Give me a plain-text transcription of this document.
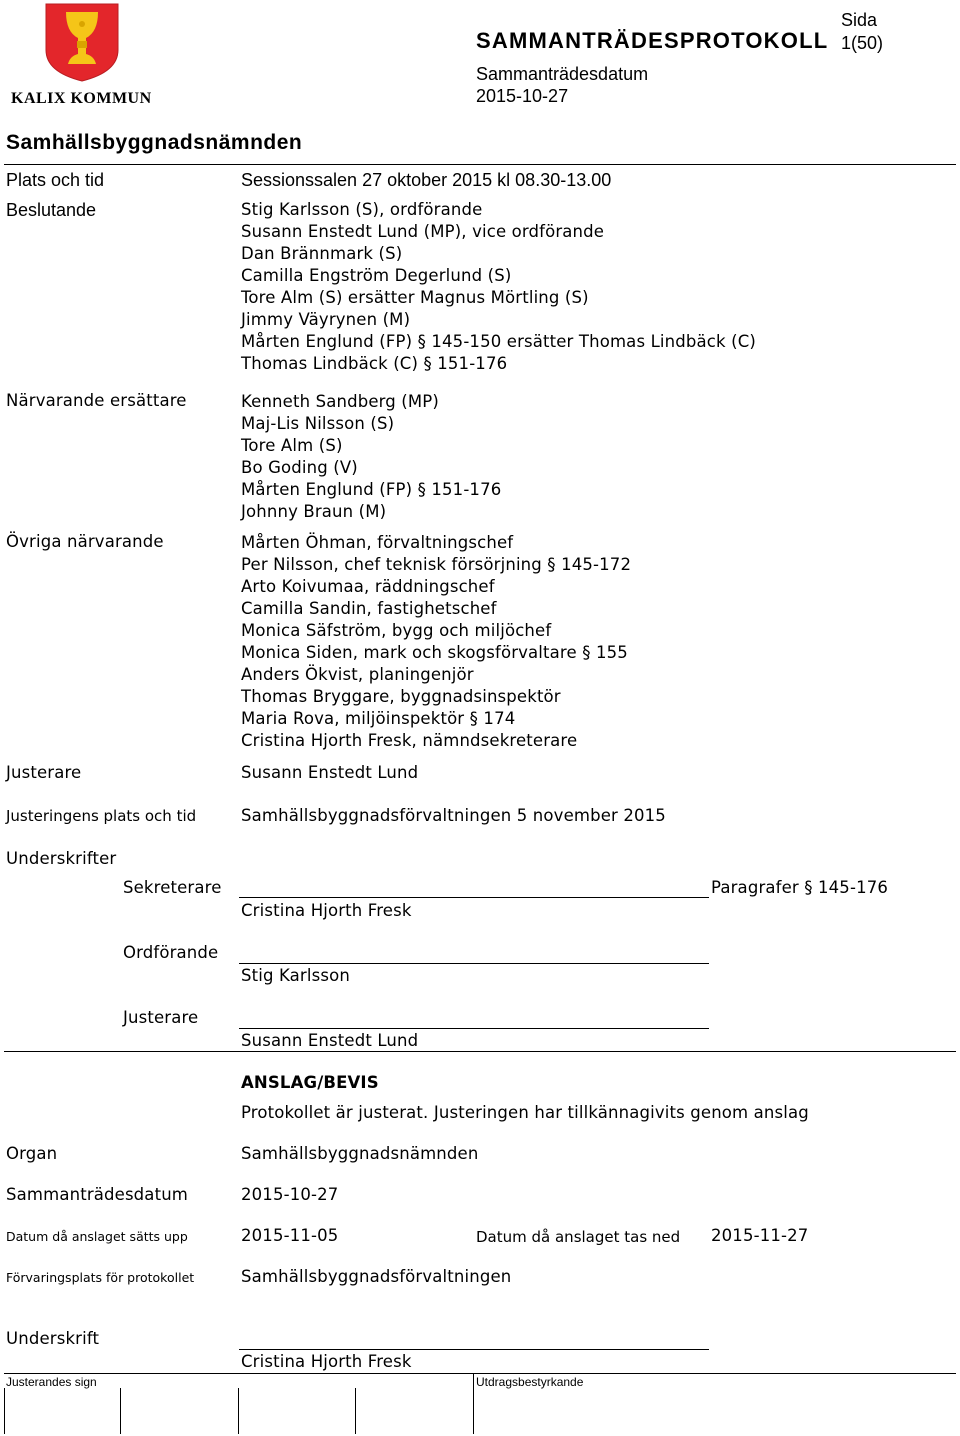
KALIX KOMMUN
SAMMANTRÄDESPROTOKOLL
Sida
1(50)
Sammanträdesdatum
2015-10-27
Samhällsbyggnadsnämnden
Plats och tid	Sessionssalen 27 oktober 2015 kl 08.30-13.00
Beslutande	Stig Karlsson (S), ordförande
Susann Enstedt Lund (MP), vice ordförande
Dan Brännmark (S)
Camilla Engström Degerlund (S)
Tore Alm (S) ersätter Magnus Mörtling (S)
Jimmy Väyrynen (M)
Mårten Englund (FP) § 145-150 ersätter Thomas Lindbäck (C)
Thomas Lindbäck (C) § 151-176
Närvarande ersättare	Kenneth Sandberg (MP)
Maj-Lis Nilsson (S)
Tore Alm (S)
Bo Goding (V)
Mårten Englund (FP) § 151-176
Johnny Braun (M)
Övriga närvarande	Mårten Öhman, förvaltningschef
Per Nilsson, chef teknisk försörjning § 145-172
Arto Koivumaa, räddningschef
Camilla Sandin, fastighetschef
Monica Säfström, bygg och miljöchef
Monica Siden, mark och skogsförvaltare § 155
Anders Ökvist, planingenjör
Thomas Bryggare, byggnadsinspektör
Maria Rova, miljöinspektör § 174
Cristina Hjorth Fresk, nämndsekreterare
Justerare	Susann Enstedt Lund
Justeringens plats och tid	Samhällsbyggnadsförvaltningen 5 november 2015
Underskrifter
Sekreterare	Paragrafer § 145-176
Cristina Hjorth Fresk
Ordförande
Stig Karlsson
Justerare
Susann Enstedt Lund
ANSLAG/BEVIS
Protokollet är justerat. Justeringen har tillkännagivits genom anslag
Organ	Samhällsbyggnadsnämnden
Sammanträdesdatum	2015-10-27
Datum då anslaget sätts upp	2015-11-05	Datum då anslaget tas ned 2015-11-27
Förvaringsplats för protokollet	Samhällsbyggnadsförvaltningen
Underskrift
Cristina Hjorth Fresk
Justerandes sign	Utdragsbestyrkande
